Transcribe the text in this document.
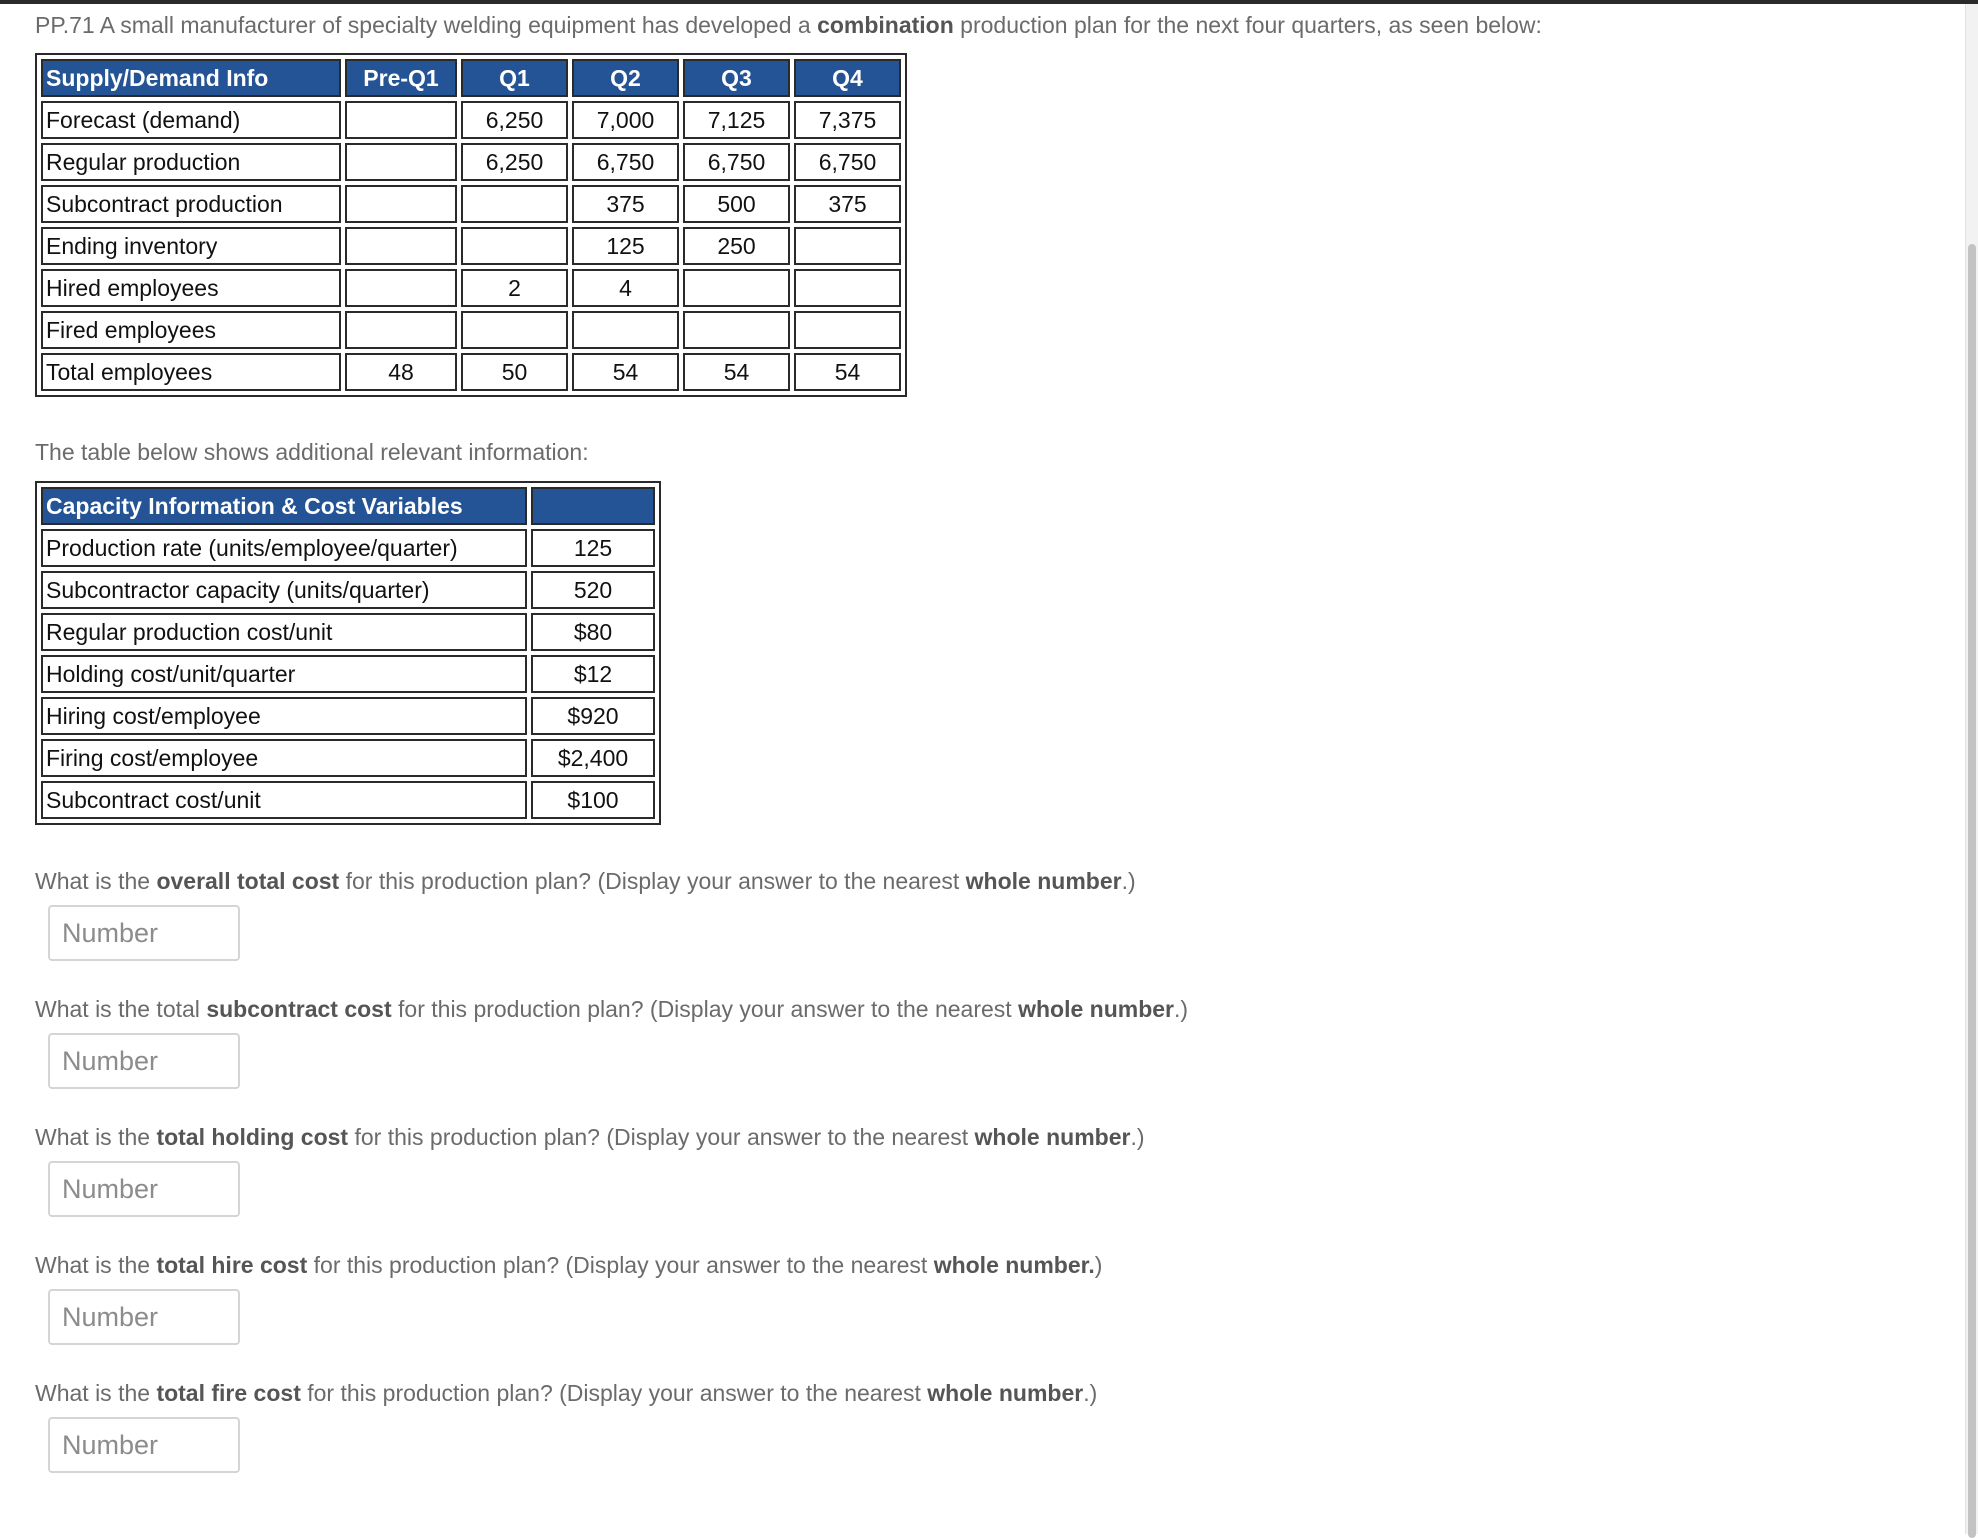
PP.71 A small manufacturer of specialty welding equipment has developed a combination production plan for the next four quarters, as seen below:

Supply/Demand Info	Pre-Q1	Q1	Q2	Q3	Q4
Forecast (demand)		6,250	7,000	7,125	7,375
Regular production		6,250	6,750	6,750	6,750
Subcontract production			375	500	375
Ending inventory			125	250	
Hired employees		2	4		
Fired employees					
Total employees	48	50	54	54	54
The table below shows additional relevant information:
Capacity Information & Cost Variables	
Production rate (units/employee/quarter)	125
Subcontractor capacity (units/quarter)	520
Regular production cost/unit	$80
Holding cost/unit/quarter	$12
Hiring cost/employee	$920
Firing cost/employee	$2,400
Subcontract cost/unit	$100

What is the overall total cost for this production plan? (Display your answer to the nearest whole number.)

Number

What is the total subcontract cost for this production plan? (Display your answer to the nearest whole number.)

Number

What is the total holding cost for this production plan? (Display your answer to the nearest whole number.)

Number

What is the total hire cost for this production plan? (Display your answer to the nearest whole number.)

Number

What is the total fire cost for this production plan? (Display your answer to the nearest whole number.)

Number
